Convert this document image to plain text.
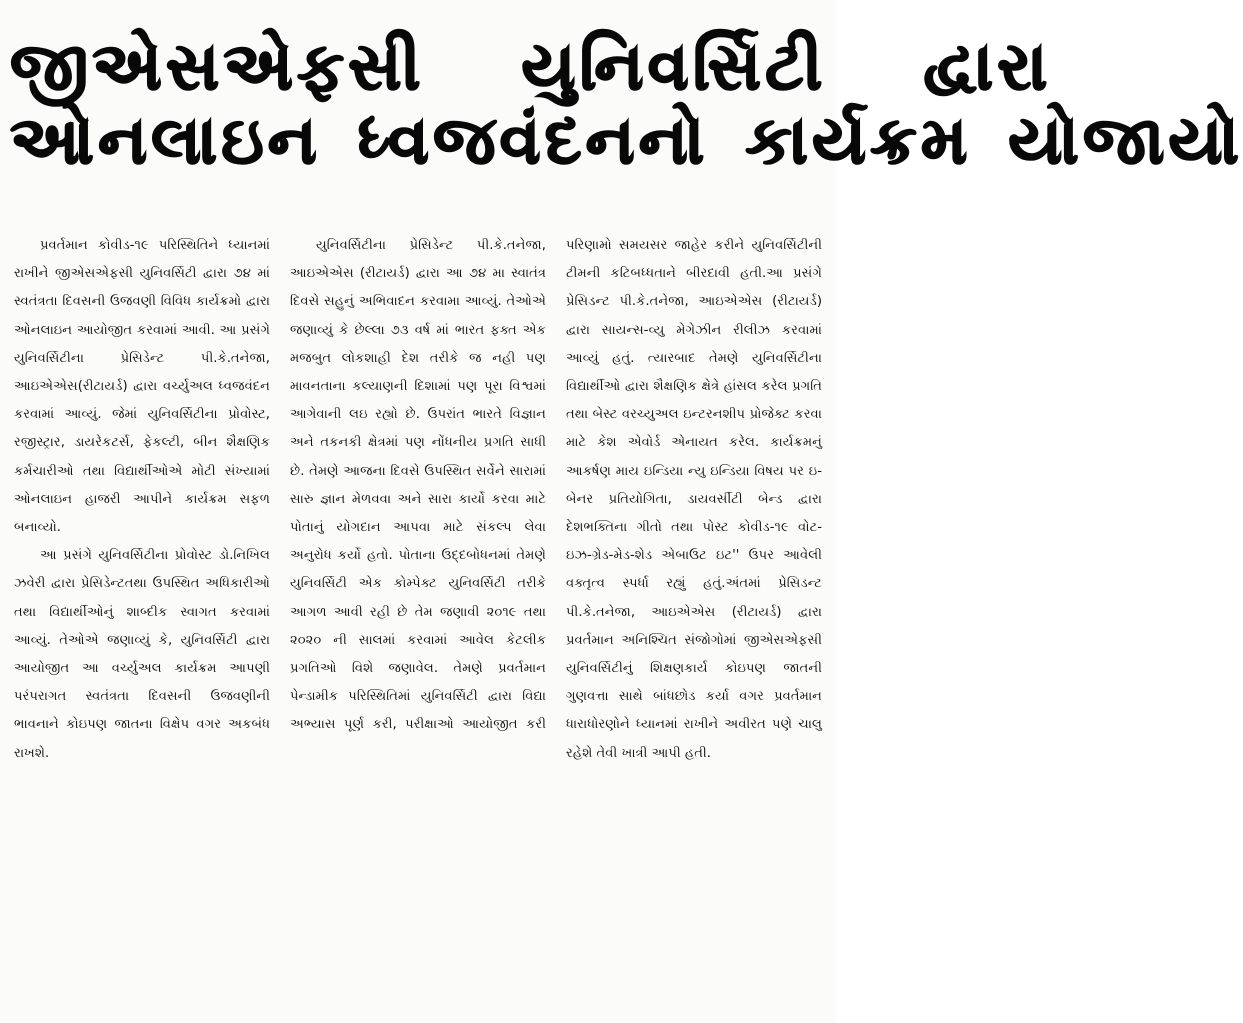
જીએસએફસી યુનિવર્સિટી દ્વારા
ઓનલાઇન ધ્વજવંદનનો કાર્યક્રમ યોજાયો

પ્રવર્તમાન કોવીડ-૧૯ પરિસ્થિતિને ધ્યાનમાં રાખીને જીએસએફસી યુનિવર્સિટી દ્વારા ૭૪ માં સ્વતંત્રતા દિવસની ઉજવણી વિવિધ કાર્યક્રમો દ્વારા ઓનલાઇન આયોજીત કરવામાં આવી. આ પ્રસંગે યુનિવર્સિટીના પ્રેસિડેન્ટ પી.કે.તનેજા, આઇએએસ(રીટાયર્ડ) દ્વારા વર્ચ્યુઅલ ધ્વજવંદન કરવામાં આવ્યું. જેમાં યુનિવર્સિટીના પ્રોવોસ્ટ, રજીસ્ટ્રાર, ડાયરેકટર્સ, ફેકલ્ટી, બીન શૈક્ષણિક કર્મચારીઓ તથા વિદ્યાર્થીઓએ મોટી સંખ્યામાં ઓનલાઇન હાજરી આપીને કાર્યક્રમ સફળ બનાવ્યો.

આ પ્રસંગે યુનિવર્સિટીના પ્રોવોસ્ટ ડો.નિખિલ ઝવેરી દ્વારા પ્રેસિડેન્ટતથા ઉપસ્થિત અધિકારીઓ તથા વિદ્યાર્થીઓનું શાબ્દીક સ્વાગત કરવામાં આવ્યું. તેઓએ જણાવ્યું કે, યુનિવર્સિટી દ્વારા આયોજીત આ વર્ચ્યુઅલ કાર્યક્રમ આપણી પરંપરાગત સ્વતંત્રતા દિવસની ઉજવણીની ભાવનાને કોઇપણ જાતના વિક્ષેપ વગર અકબંધ રાખશે.

યુનિવર્સિટીના પ્રેસિડેન્ટ પી.કે.તનેજા, આઇએએસ (રીટાયર્ડ) દ્વારા આ ૭૪ મા સ્વાતંત્ર દિવસે સહુનું અભિવાદન કરવામા આવ્યું. તેઓએ જણાવ્યું કે છેલ્લા ૭૩ વર્ષ માં ભારત ફક્ત એક મજબુત લોકશાહી દેશ તરીકે જ નહી પણ માવનતાના કલ્યાણની દિશામાં પણ પૂરા વિશ્વમાં આગેવાની લઇ રહ્યો છે. ઉપરાંત ભારતે વિજ્ઞાન અને તકનકી ક્ષેત્રમાં પણ નોંધનીય પ્રગતિ સાધી છે. તેમણે આજના દિવસે ઉપસ્થિત સર્વેને સારામાં સારુ જ્ઞાન મેળવવા અને સારા કાર્યો કરવા માટે પોતાનું યોગદાન આપવા માટે સંકલ્પ લેવા અનુરોધ કર્યો હતો. પોતાના ઉદ્દબોધનમાં તેમણે યુનિવર્સિટી એક કોમ્પેક્ટ યુનિવર્સિટી તરીકે આગળ આવી રહી છે તેમ જણાવી ૨૦૧૯ તથા ૨૦૨૦ ની સાલમાં કરવામાં આવેલ કેટલીક પ્રગતિઓ વિશે જણાવેલ. તેમણે પ્રવર્તમાન પેન્ડામીક પરિસ્થિતિમાં યુનિવર્સિટી દ્વારા વિદ્યા અભ્યાસ પૂર્ણ કરી, પરીક્ષાઓ આયોજીત કરી

પરિણામો સમયસર જાહેર કરીને યુનિવર્સિટીની ટીમની કટિબધ્ધતાને બીરદાવી હતી.આ પ્રસંગે પ્રેસિડન્ટ પી.કે.તનેજા, આઇએએસ (રીટાયર્ડ) દ્વારા સાયન્સ-વ્યુ મેગેઝીન રીલીઝ કરવામાં આવ્યું હતું. ત્યારબાદ તેમણે યુનિવર્સિટીના વિદ્યાર્થીઓ દ્વારા શૈક્ષણિક ક્ષેત્રે હાંસલ કરેલ પ્રગતિ તથા બેસ્ટ વરચ્યુઅલ ઇન્ટરનશીપ પ્રોજેક્ટ કરવા માટે કેશ એવોર્ડ એનાયત કરેલ. કાર્યક્રમનું આકર્ષણ માય ઇન્ડિયા ન્યુ ઇન્ડિયા વિષય પર ઇ-બેનર પ્રતિયોગિતા, ડાયવર્સીટી બેન્ડ દ્વારા દેશભક્તિના ગીતો તથા પોસ્ટ કોવીડ-૧૯ વોટ-ઇઝ-ગ્રેડ-મેડ-શેડ એબાઉટ ઇટ'' ઉપર આવેલી વક્તૃત્વ સ્પર્ધા રહ્યું હતું.અંતમાં પ્રેસિડન્ટ પી.કે.તનેજા, આઇએએસ (રીટાયર્ડ) દ્વારા પ્રવર્તમાન અનિશ્ચિત સંજોગોમાં જીએસએફસી યુનિવર્સિટીનું શિક્ષણકાર્ય કોઇપણ જાતની ગુણવત્તા સાથે બાંધછોડ કર્યા વગર પ્રવર્તમાન ધારાધોરણોને ધ્યાનમાં રાખીને અવીરત પણે ચાલુ રહેશે તેવી ખાત્રી આપી હતી.
